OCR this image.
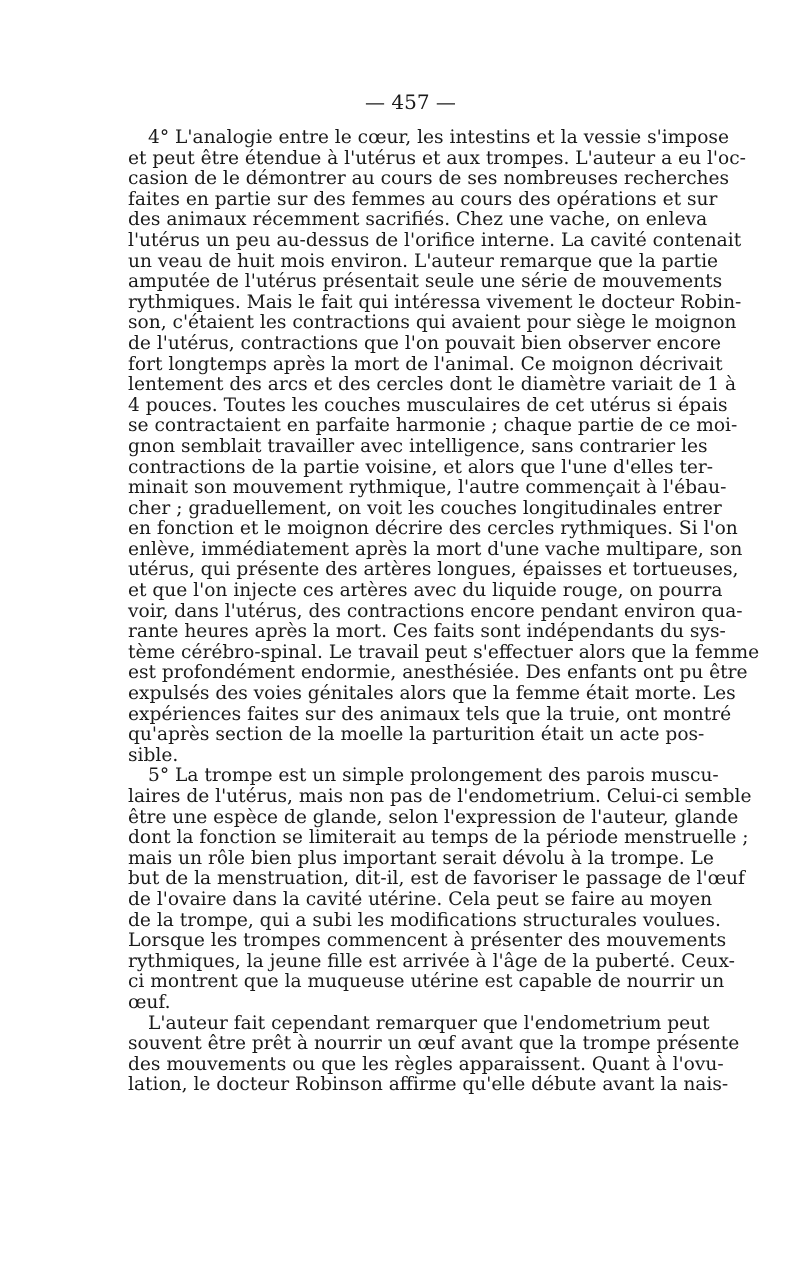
— 457 —

4° L'analogie entre le cœur, les intestins et la vessie s'impose
et peut être étendue à l'utérus et aux trompes. L'auteur a eu l'oc-
casion de le démontrer au cours de ses nombreuses recherches
faites en partie sur des femmes au cours des opérations et sur
des animaux récemment sacrifiés. Chez une vache, on enleva
l'utérus un peu au-dessus de l'orifice interne. La cavité contenait
un veau de huit mois environ. L'auteur remarque que la partie
amputée de l'utérus présentait seule une série de mouvements
rythmiques. Mais le fait qui intéressa vivement le docteur Robin-
son, c'étaient les contractions qui avaient pour siège le moignon
de l'utérus, contractions que l'on pouvait bien observer encore
fort longtemps après la mort de l'animal. Ce moignon décrivait
lentement des arcs et des cercles dont le diamètre variait de 1 à
4 pouces. Toutes les couches musculaires de cet utérus si épais
se contractaient en parfaite harmonie ; chaque partie de ce moi-
gnon semblait travailler avec intelligence, sans contrarier les
contractions de la partie voisine, et alors que l'une d'elles ter-
minait son mouvement rythmique, l'autre commençait à l'ébau-
cher ; graduellement, on voit les couches longitudinales entrer
en fonction et le moignon décrire des cercles rythmiques. Si l'on
enlève, immédiatement après la mort d'une vache multipare, son
utérus, qui présente des artères longues, épaisses et tortueuses,
et que l'on injecte ces artères avec du liquide rouge, on pourra
voir, dans l'utérus, des contractions encore pendant environ qua-
rante heures après la mort. Ces faits sont indépendants du sys-
tème cérébro-spinal. Le travail peut s'effectuer alors que la femme
est profondément endormie, anesthésiée. Des enfants ont pu être
expulsés des voies génitales alors que la femme était morte. Les
expériences faites sur des animaux tels que la truie, ont montré
qu'après section de la moelle la parturition était un acte pos-
sible.

5° La trompe est un simple prolongement des parois muscu-
laires de l'utérus, mais non pas de l'endometrium. Celui-ci semble
être une espèce de glande, selon l'expression de l'auteur, glande
dont la fonction se limiterait au temps de la période menstruelle ;
mais un rôle bien plus important serait dévolu à la trompe. Le
but de la menstruation, dit-il, est de favoriser le passage de l'œuf
de l'ovaire dans la cavité utérine. Cela peut se faire au moyen
de la trompe, qui a subi les modifications structurales voulues.
Lorsque les trompes commencent à présenter des mouvements
rythmiques, la jeune fille est arrivée à l'âge de la puberté. Ceux-
ci montrent que la muqueuse utérine est capable de nourrir un
œuf.

L'auteur fait cependant remarquer que l'endometrium peut
souvent être prêt à nourrir un œuf avant que la trompe présente
des mouvements ou que les règles apparaissent. Quant à l'ovu-
lation, le docteur Robinson affirme qu'elle débute avant la nais-
